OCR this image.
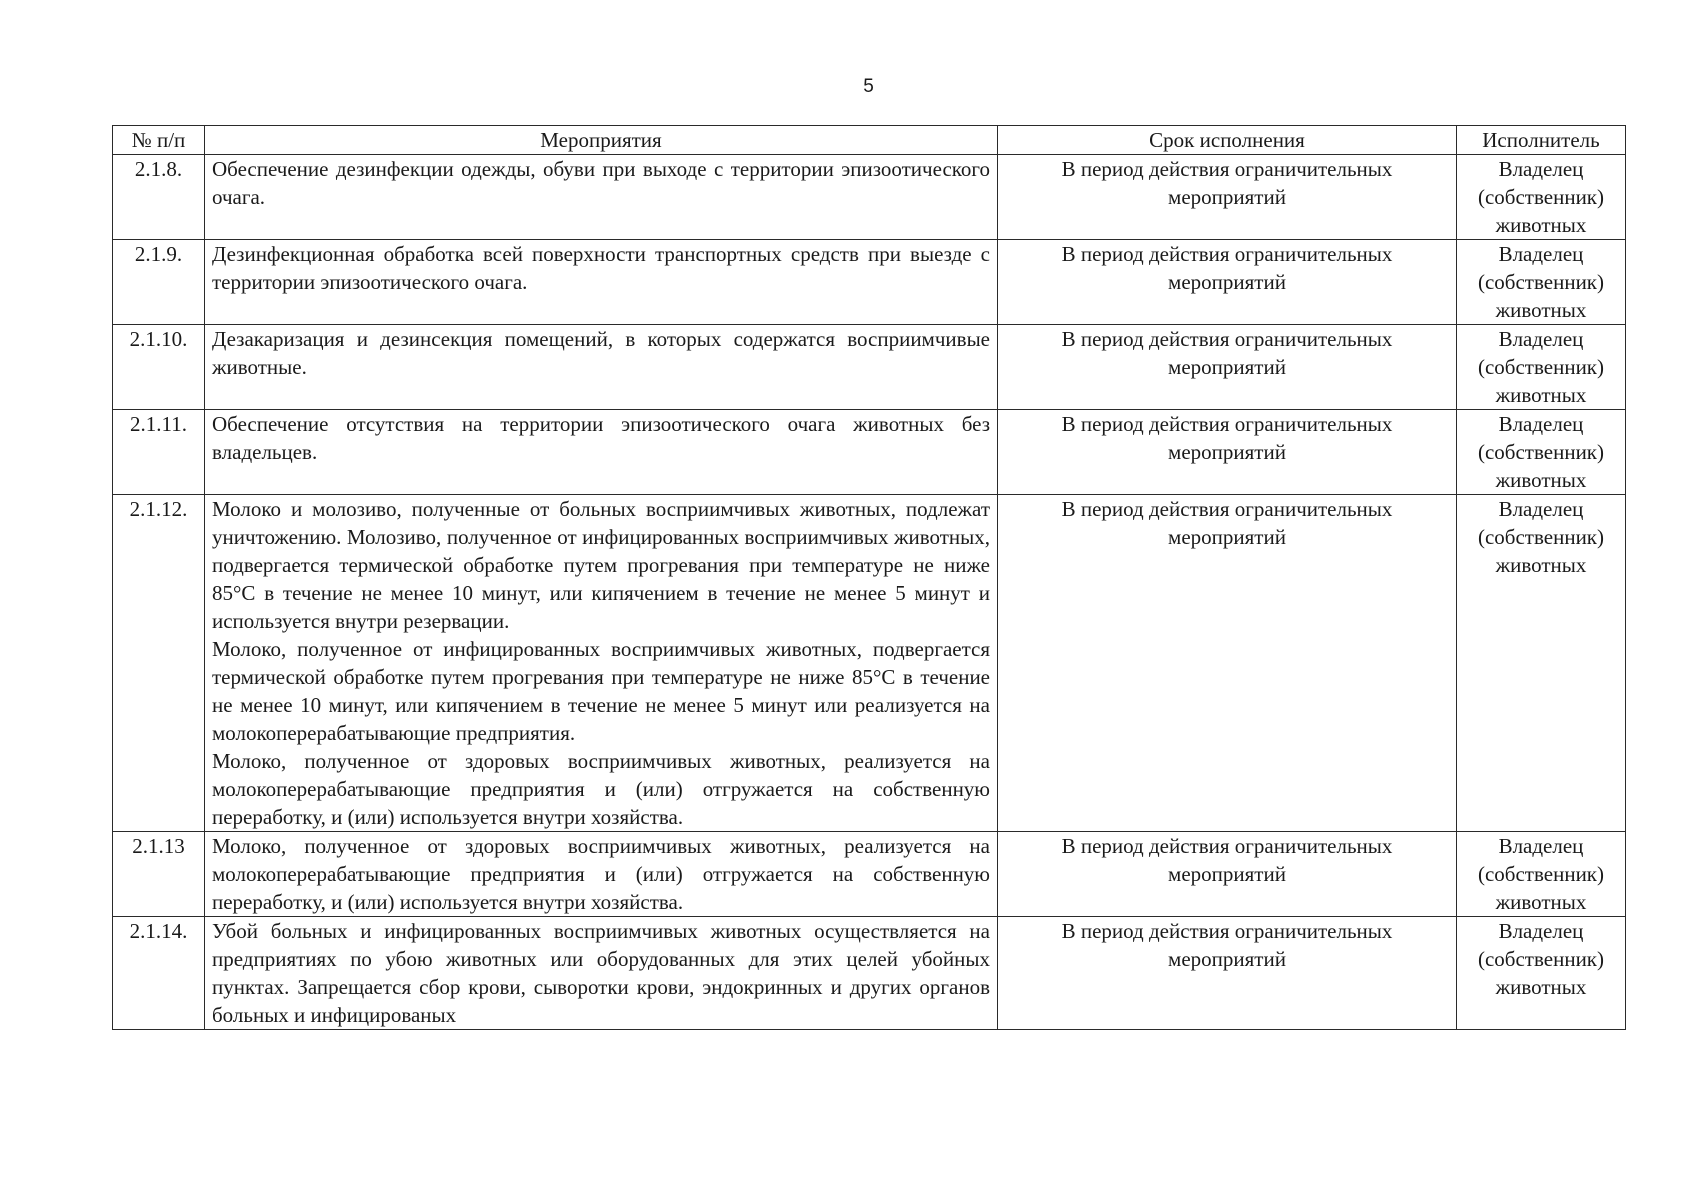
5
№ п/п	Мероприятия	Срок исполнения	Исполнитель
2.1.8.	Обеспечение дезинфекции одежды, обуви при выходе с территории эпизоотического очага.	В период действия ограничительных мероприятий	Владелец (собственник) животных
2.1.9.	Дезинфекционная обработка всей поверхности транспортных средств при выезде с территории эпизоотического очага.	В период действия ограничительных мероприятий	Владелец (собственник) животных
2.1.10.	Дезакаризация и дезинсекция помещений, в которых содержатся восприимчивые животные.	В период действия ограничительных мероприятий	Владелец (собственник) животных
2.1.11.	Обеспечение отсутствия на территории эпизоотического очага животных без владельцев.	В период действия ограничительных мероприятий	Владелец (собственник) животных
2.1.12.	Молоко и молозиво, полученные от больных восприимчивых животных, подлежат уничтожению. Молозиво, полученное от инфицированных восприимчивых животных, подвергается термической обработке путем прогревания при температуре не ниже 85°С в течение не менее 10 минут, или кипячением в течение не менее 5 минут и используется внутри резервации.
Молоко, полученное от инфицированных восприимчивых животных, подвергается термической обработке путем прогревания при температуре не ниже 85°С в течение не менее 10 минут, или кипячением в течение не менее 5 минут или реализуется на молокоперерабатывающие предприятия.
Молоко, полученное от здоровых восприимчивых животных, реализуется на молокоперерабатывающие предприятия и (или) отгружается на собственную переработку, и (или) используется внутри хозяйства.	В период действия ограничительных мероприятий	Владелец (собственник) животных
2.1.13	Молоко, полученное от здоровых восприимчивых животных, реализуется на молокоперерабатывающие предприятия и (или) отгружается на собственную переработку, и (или) используется внутри хозяйства.	В период действия ограничительных мероприятий	Владелец (собственник) животных
2.1.14.	Убой больных и инфицированных восприимчивых животных осуществляется на предприятиях по убою животных или оборудованных для этих целей убойных пунктах. Запрещается сбор крови, сыворотки крови, эндокринных и других органов больных и инфицированых	В период действия ограничительных мероприятий	Владелец (собственник) животных
